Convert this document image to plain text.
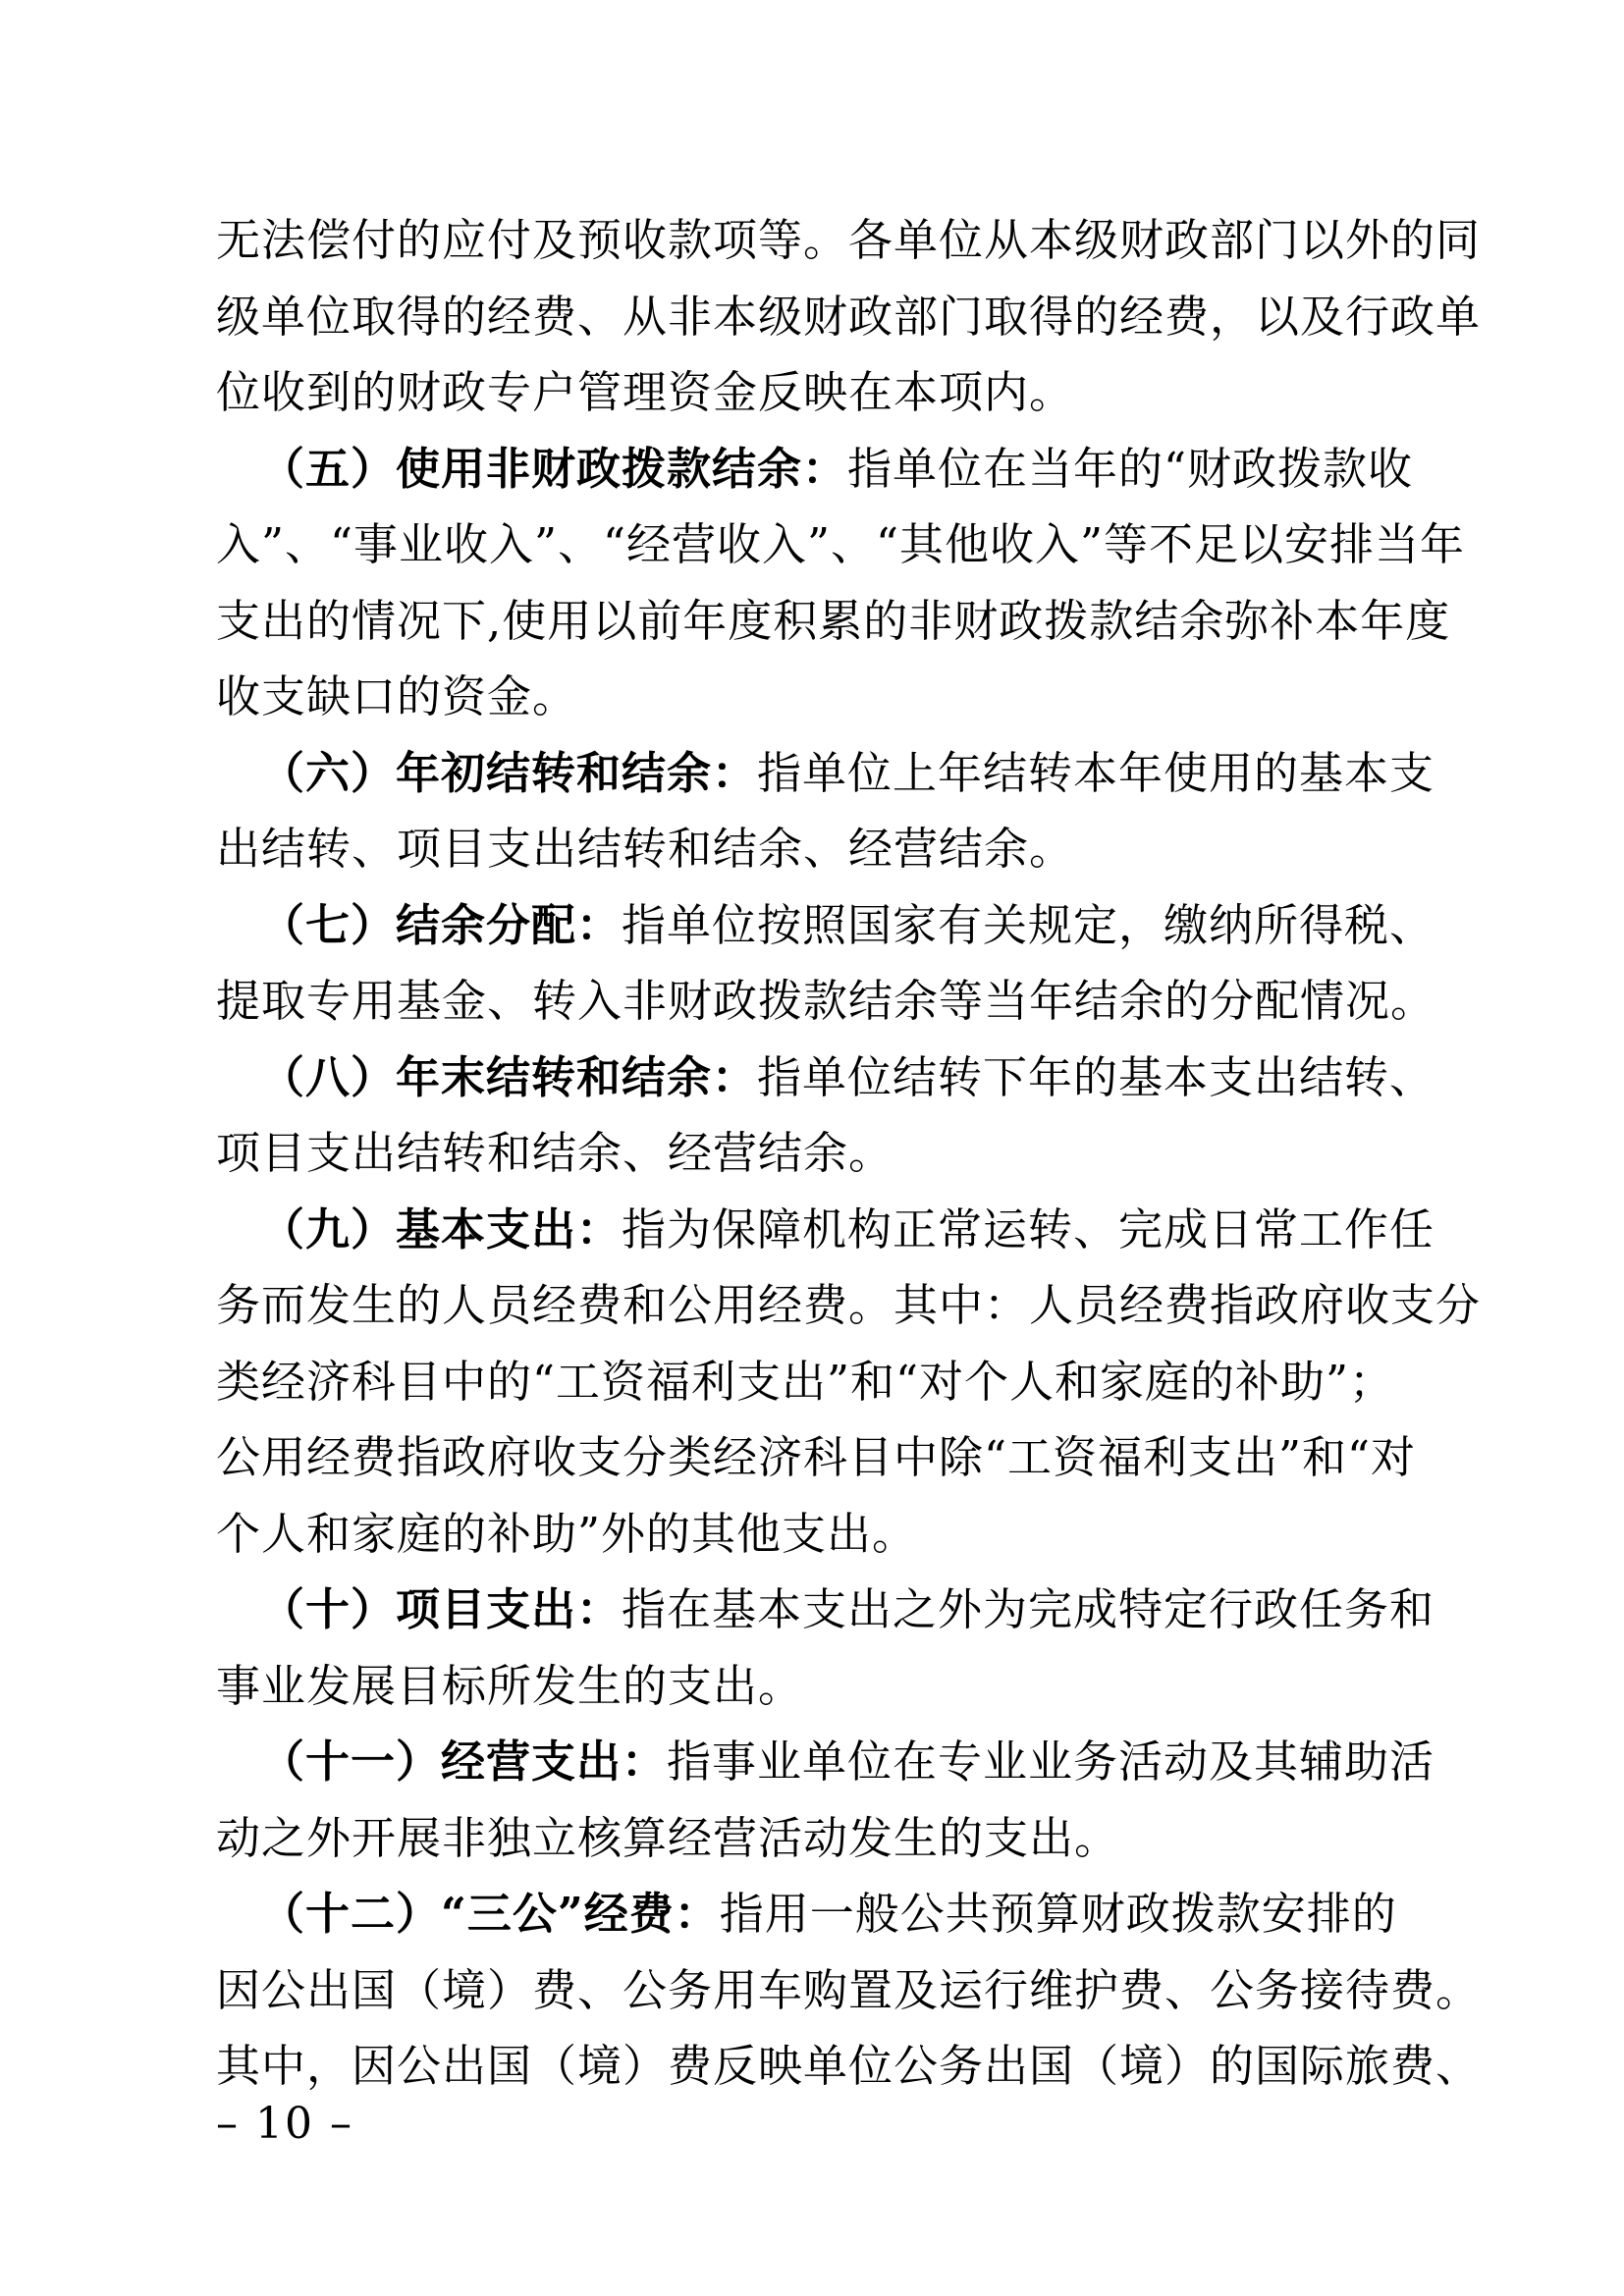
无法偿付的应付及预收款项等。各单位从本级财政部门以外的同
级单位取得的经费、从非本级财政部门取得的经费，以及行政单
位收到的财政专户管理资金反映在本项内。
（五）使用非财政拨款结余：指单位在当年的“财政拨款收
入”、“事业收入”、“经营收入”、“其他收入”等不足以安排当年
支出的情况下,使用以前年度积累的非财政拨款结余弥补本年度
收支缺口的资金。
（六）年初结转和结余：指单位上年结转本年使用的基本支
出结转、项目支出结转和结余、经营结余。
（七）结余分配：指单位按照国家有关规定，缴纳所得税、
提取专用基金、转入非财政拨款结余等当年结余的分配情况。
（八）年末结转和结余：指单位结转下年的基本支出结转、
项目支出结转和结余、经营结余。
（九）基本支出：指为保障机构正常运转、完成日常工作任
务而发生的人员经费和公用经费。其中：人员经费指政府收支分
类经济科目中的“工资福利支出”和“对个人和家庭的补助”；
公用经费指政府收支分类经济科目中除“工资福利支出”和“对
个人和家庭的补助”外的其他支出。
（十）项目支出：指在基本支出之外为完成特定行政任务和
事业发展目标所发生的支出。
（十一）经营支出：指事业单位在专业业务活动及其辅助活
动之外开展非独立核算经营活动发生的支出。
（十二）“三公”经费：指用一般公共预算财政拨款安排的
因公出国（境）费、公务用车购置及运行维护费、公务接待费。
其中，因公出国（境）费反映单位公务出国（境）的国际旅费、
– 10 –
